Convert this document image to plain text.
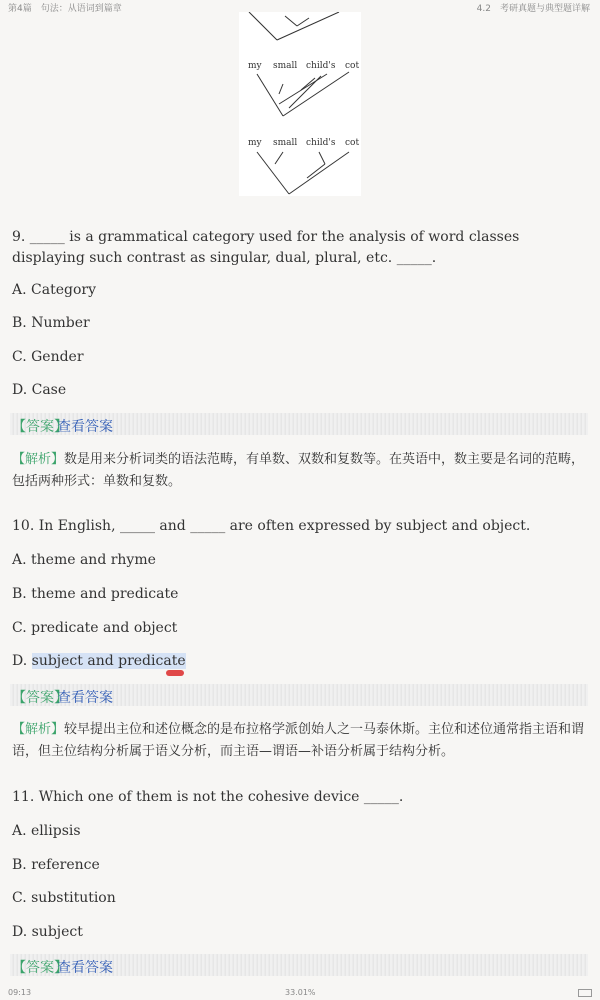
第4篇　句法：从语词到篇章	4.2　考研真题与典型题详解
my small child's cot
my small child's cot
9. _____ is a grammatical category used for the analysis of word classes displaying such contrast as singular, dual, plural, etc. _____.
A. Category
B. Number
C. Gender
D. Case
【答案】
查看答案
【解析】数是用来分析词类的语法范畴，有单数、双数和复数等。在英语中，数主要是名词的范畴，包括两种形式：单数和复数。
10. In English, _____ and _____ are often expressed by subject and object.
A. theme and rhyme
B. theme and predicate
C. predicate and object
D. subject and predicate
【答案】
查看答案
【解析】较早提出主位和述位概念的是布拉格学派创始人之一马泰休斯。主位和述位通常指主语和谓语，但主位结构分析属于语义分析，而主语—谓语—补语分析属于结构分析。
11. Which one of them is not the cohesive device _____.
A. ellipsis
B. reference
C. substitution
D. subject
【答案】
查看答案
09:13	33.01%
